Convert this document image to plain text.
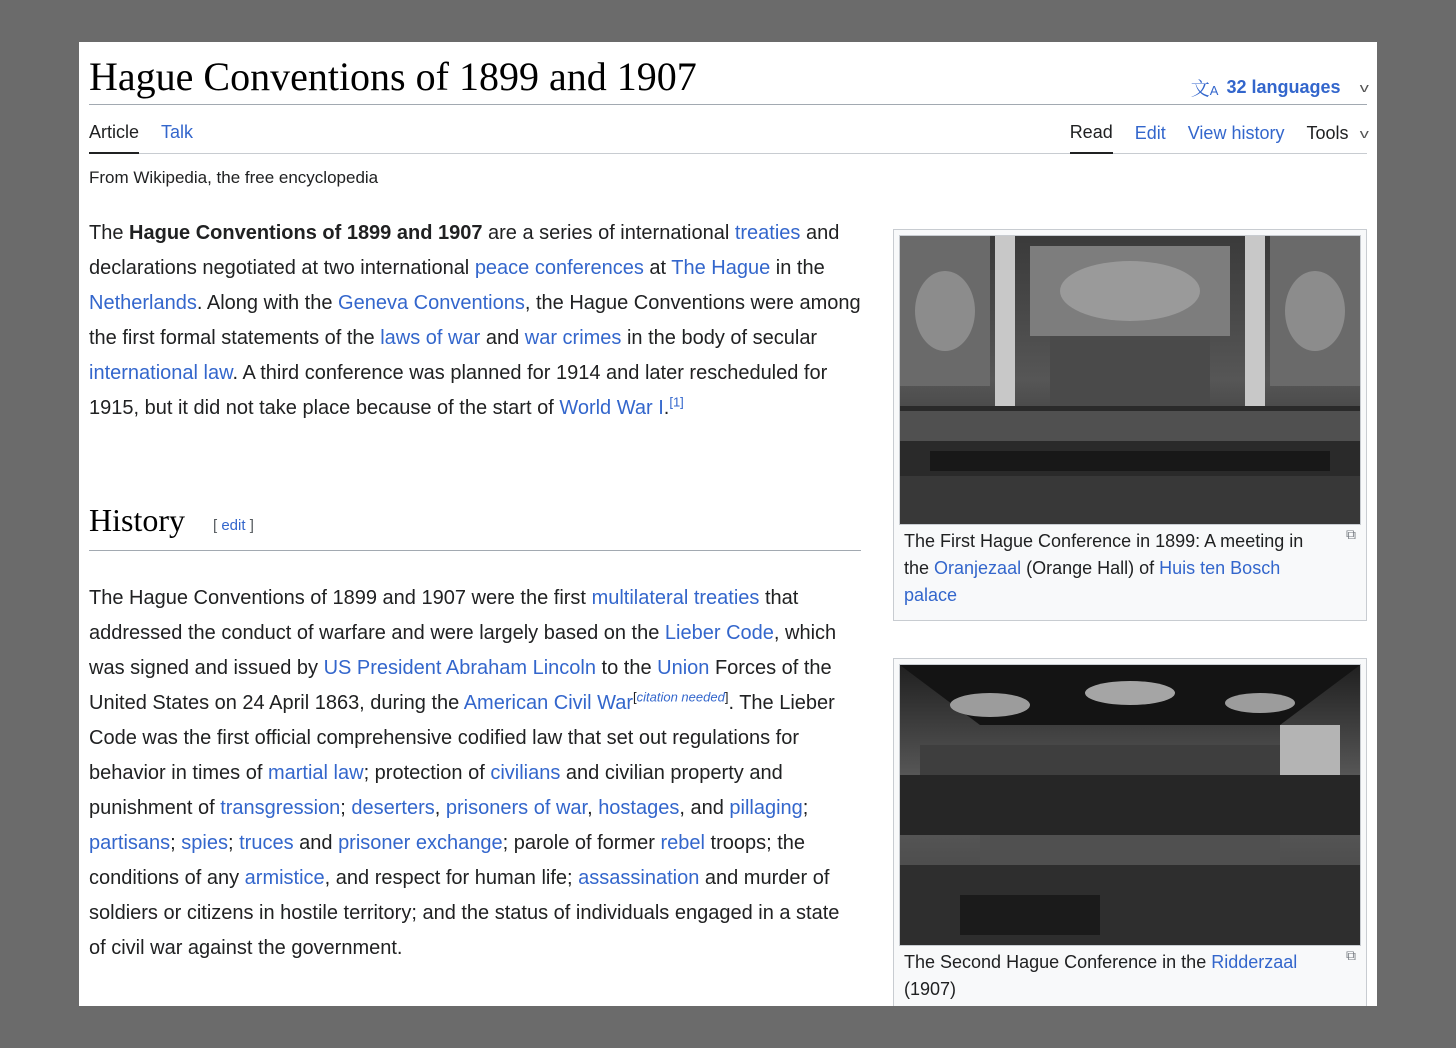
Hague Conventions of 1899 and 1907	文A 32 languages v
Article Talk	Read Edit View history Tools v
From Wikipedia, the free encyclopedia

The Hague Conventions of 1899 and 1907 are a series of international treaties and declarations negotiated at two international peace conferences at The Hague in the Netherlands. Along with the Geneva Conventions, the Hague Conventions were among the first formal statements of the laws of war and war crimes in the body of secular international law. A third conference was planned for 1914 and later rescheduled for 1915, but it did not take place because of the start of World War I.[1]

History [ edit ]

The Hague Conventions of 1899 and 1907 were the first multilateral treaties that addressed the conduct of warfare and were largely based on the Lieber Code, which was signed and issued by US President Abraham Lincoln to the Union Forces of the United States on 24 April 1863, during the American Civil War[citation needed]. The Lieber Code was the first official comprehensive codified law that set out regulations for behavior in times of martial law; protection of civilians and civilian property and punishment of transgression; deserters, prisoners of war, hostages, and pillaging; partisans; spies; truces and prisoner exchange; parole of former rebel troops; the conditions of any armistice, and respect for human life; assassination and murder of soldiers or citizens in hostile territory; and the status of individuals engaged in a state of civil war against the government.

The First Hague Conference in 1899: A meeting in the Oranjezaal (Orange Hall) of Huis ten Bosch palace
⧉
The Second Hague Conference in the Ridderzaal (1907)
⧉
